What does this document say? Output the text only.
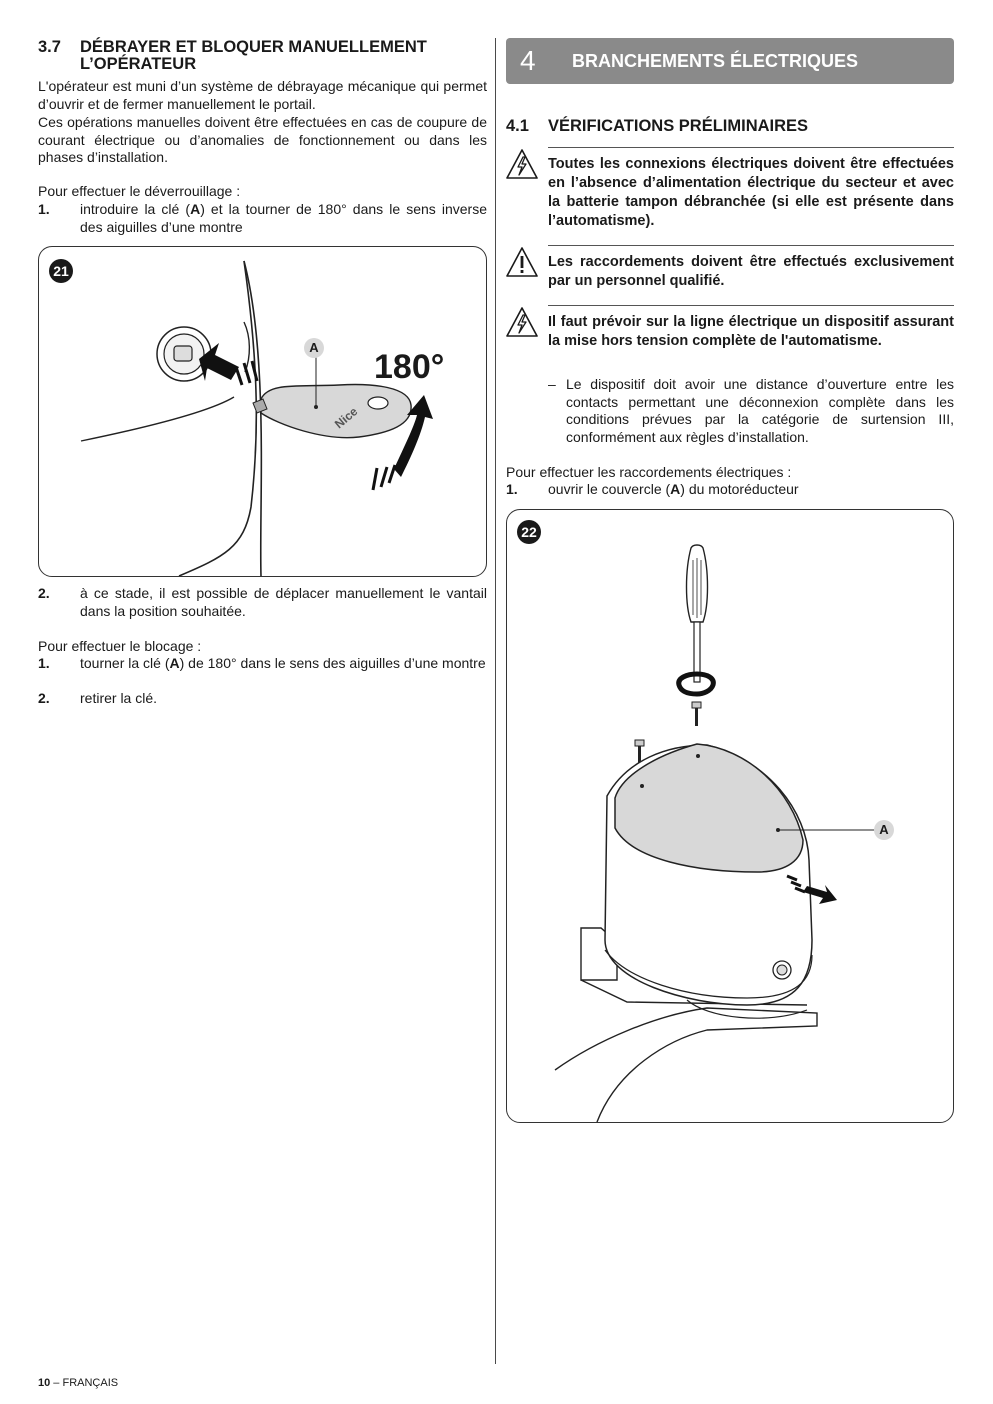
3.7 DÉBRAYER ET BLOQUER MANUELLEMENT
L’OPÉRATEUR
L'opérateur est muni d’un système de débrayage mécanique qui permet d’ouvrir et de fermer manuellement le portail.
Ces opérations manuelles doivent être effectuées en cas de coupure de courant électrique ou d’anomalies de fonctionnement ou dans les phases d’installation.
Pour effectuer le déverrouillage :
1. introduire la clé (A) et la tourner de 180° dans le sens inverse des aiguilles d’une montre
21
Nice
A
180°
2. à ce stade, il est possible de déplacer manuellement le vantail dans la position souhaitée.
Pour effectuer le blocage :
1. tourner la clé (A) de 180° dans le sens des aiguilles d’une montre
2. retirer la clé.
4 BRANCHEMENTS ÉLECTRIQUES
4.1 VÉRIFICATIONS PRÉLIMINAIRES
Toutes les connexions électriques doivent être effectuées en l’absence d’alimentation électrique du secteur et avec la batterie tampon débranchée (si elle est présente dans l’automatisme).
Les raccordements doivent être effectués exclusivement par un personnel qualifié.
Il faut prévoir sur la ligne électrique un dispositif assurant la mise hors tension complète de l'automatisme.
– Le dispositif doit avoir une distance d’ouverture entre les contacts permettant une déconnexion complète dans les conditions prévues par la catégorie de surtension III, conformément aux règles d’installation.
Pour effectuer les raccordements électriques :
1. ouvrir le couvercle (A) du motoréducteur
22
A
10 – FRANÇAIS
